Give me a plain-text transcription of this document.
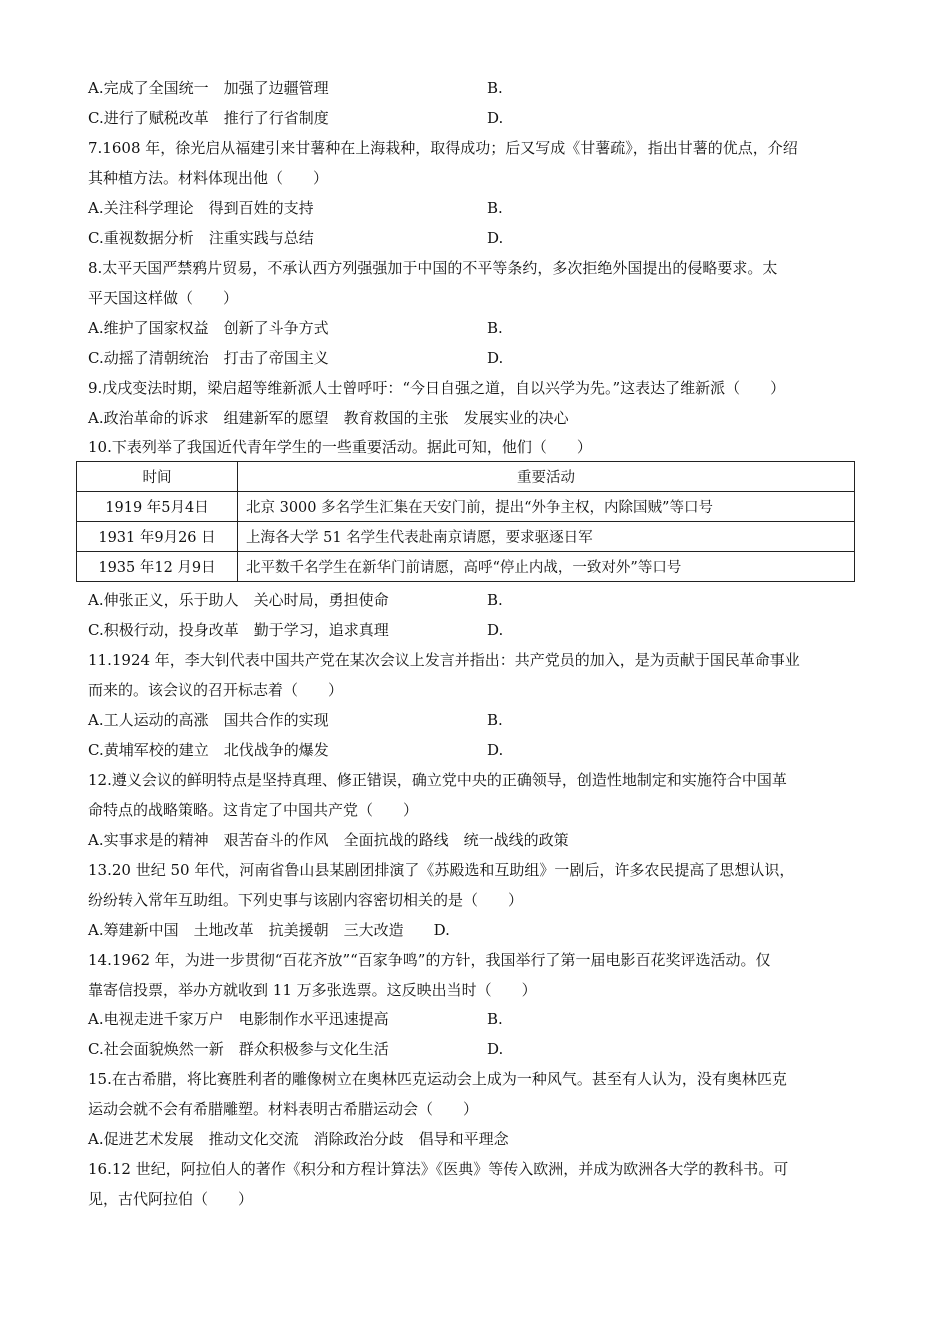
A.完成了全国统一　加强了边疆管理	B.
C.进行了赋税改革　推行了行省制度	D.
7.1608 年，徐光启从福建引来甘薯种在上海栽种，取得成功；后又写成《甘薯疏》，指出甘薯的优点，介绍
其种植方法。材料体现出他（　　）
A.关注科学理论　得到百姓的支持	B.
C.重视数据分析　注重实践与总结	D.
8.太平天国严禁鸦片贸易，不承认西方列强强加于中国的不平等条约，多次拒绝外国提出的侵略要求。太
平天国这样做（　　）
A.维护了国家权益　创新了斗争方式	B.
C.动摇了清朝统治　打击了帝国主义	D.
9.戊戌变法时期，梁启超等维新派人士曾呼吁：“今日自强之道，自以兴学为先。”这表达了维新派（　　）
A.政治革命的诉求　组建新军的愿望　教育救国的主张　发展实业的决心
10.下表列举了我国近代青年学生的一些重要活动。据此可知，他们（　　）
时间	重要活动
1919 年5月4日	北京 3000 多名学生汇集在天安门前，提出“外争主权，内除国贼”等口号
1931 年9月26 日	上海各大学 51 名学生代表赴南京请愿，要求驱逐日军
1935 年12 月9日	北平数千名学生在新华门前请愿，高呼“停止内战，一致对外”等口号
A.伸张正义，乐于助人　关心时局，勇担使命	B.
C.积极行动，投身改革　勤于学习，追求真理	D.
11.1924 年，李大钊代表中国共产党在某次会议上发言并指出：共产党员的加入，是为贡献于国民革命事业
而来的。该会议的召开标志着（　　）
A.工人运动的高涨　国共合作的实现	B.
C.黄埔军校的建立　北伐战争的爆发	D.
12.遵义会议的鲜明特点是坚持真理、修正错误，确立党中央的正确领导，创造性地制定和实施符合中国革
命特点的战略策略。这肯定了中国共产党（　　）
A.实事求是的精神　艰苦奋斗的作风　全面抗战的路线　统一战线的政策
13.20 世纪 50 年代，河南省鲁山县某剧团排演了《苏殿选和互助组》一剧后，许多农民提高了思想认识，
纷纷转入常年互助组。下列史事与该剧内容密切相关的是（　　）
A.筹建新中国　土地改革　抗美援朝　三大改造　　D.
14.1962 年，为进一步贯彻“百花齐放”“百家争鸣”的方针，我国举行了第一届电影百花奖评选活动。仅
靠寄信投票，举办方就收到 11 万多张选票。这反映出当时（　　）
A.电视走进千家万户　电影制作水平迅速提高	B.
C.社会面貌焕然一新　群众积极参与文化生活	D.
15.在古希腊，将比赛胜利者的雕像树立在奥林匹克运动会上成为一种风气。甚至有人认为，没有奥林匹克
运动会就不会有希腊雕塑。材料表明古希腊运动会（　　）
A.促进艺术发展　推动文化交流　消除政治分歧　倡导和平理念
16.12 世纪，阿拉伯人的著作《积分和方程计算法》《医典》等传入欧洲，并成为欧洲各大学的教科书。可
见，古代阿拉伯（　　）
